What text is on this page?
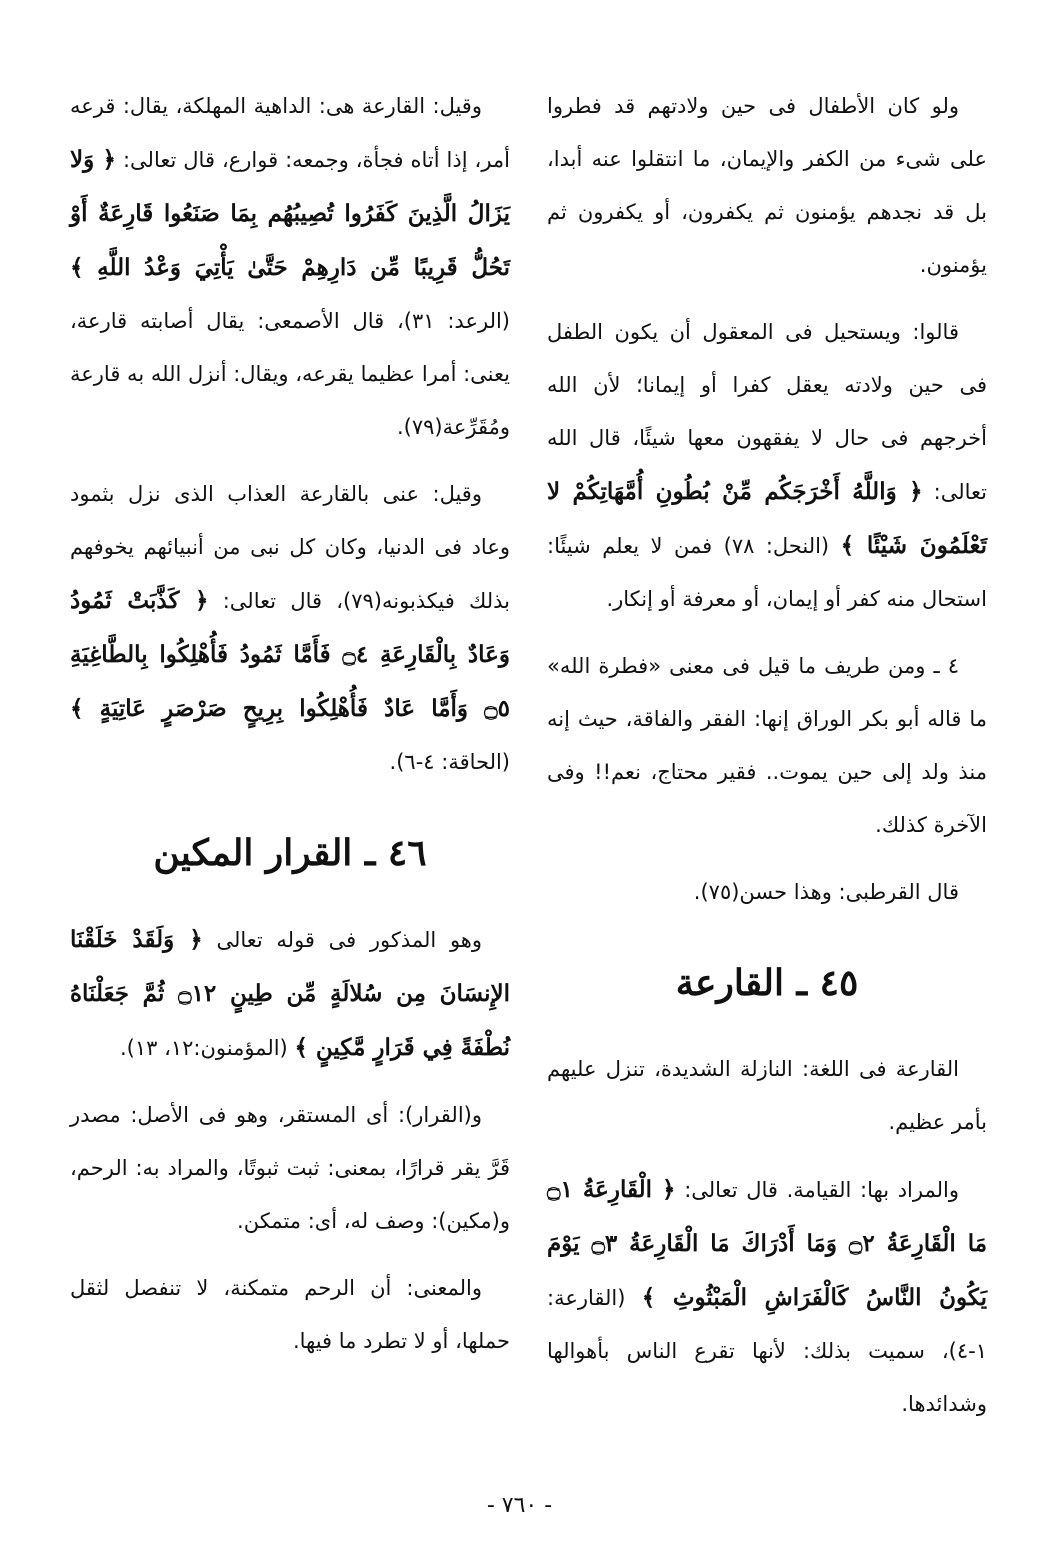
ولو كان الأطفال فى حين ولادتهم قد فطروا على شىء من الكفر والإيمان، ما انتقلوا عنه أبدا، بل قد نجدهم يؤمنون ثم يكفرون، أو يكفرون ثم يؤمنون.

قالوا: ويستحيل فى المعقول أن يكون الطفل فى حين ولادته يعقل كفرا أو إيمانا؛ لأن الله أخرجهم فى حال لا يفقهون معها شيئًا، قال الله تعالى: ﴿ وَاللَّهُ أَخْرَجَكُم مِّنْ بُطُونِ أُمَّهَاتِكُمْ لا تَعْلَمُونَ شَيْئًا ﴾ (النحل: ٧٨) فمن لا يعلم شيئًا: استحال منه كفر أو إيمان، أو معرفة أو إنكار.

٤ ـ ومن طريف ما قيل فى معنى «فطرة الله» ما قاله أبو بكر الوراق إنها: الفقر والفاقة، حيث إنه منذ ولد إلى حين يموت.. فقير محتاج، نعم!! وفى الآخرة كذلك.

قال القرطبى: وهذا حسن(٧٥).

٤٥ ـ القارعة

القارعة فى اللغة: النازلة الشديدة، تنزل عليهم بأمر عظيم.

والمراد بها: القيامة. قال تعالى: ﴿ الْقَارِعَةُ ۝١ مَا الْقَارِعَةُ ۝٢ وَمَا أَدْرَاكَ مَا الْقَارِعَةُ ۝٣ يَوْمَ يَكُونُ النَّاسُ كَالْفَرَاشِ الْمَبْثُوثِ ﴾ (القارعة: ١-٤)، سميت بذلك: لأنها تقرع الناس بأهوالها وشدائدها.

وقيل: القارعة هى: الداهية المهلكة، يقال: قرعه أمر، إذا أتاه فجأة، وجمعه: قوارع، قال تعالى: ﴿ وَلا يَزَالُ الَّذِينَ كَفَرُوا تُصِيبُهُم بِمَا صَنَعُوا قَارِعَةٌ أَوْ تَحُلُّ قَرِيبًا مِّن دَارِهِمْ حَتَّىٰ يَأْتِيَ وَعْدُ اللَّهِ ﴾ (الرعد: ٣١)، قال الأصمعى: يقال أصابته قارعة، يعنى: أمرا عظيما يقرعه، ويقال: أنزل الله به قارعة ومُقَرِّعة(٧٩).

وقيل: عنى بالقارعة العذاب الذى نزل بثمود وعاد فى الدنيا، وكان كل نبى من أنبيائهم يخوفهم بذلك فيكذبونه(٧٩)، قال تعالى: ﴿ كَذَّبَتْ ثَمُودُ وَعَادٌ بِالْقَارِعَةِ ۝٤ فَأَمَّا ثَمُودُ فَأُهْلِكُوا بِالطَّاغِيَةِ ۝٥ وَأَمَّا عَادٌ فَأُهْلِكُوا بِرِيحٍ صَرْصَرٍ عَاتِيَةٍ ﴾ (الحاقة: ٤-٦).

٤٦ ـ القرار المكين

وهو المذكور فى قوله تعالى ﴿ وَلَقَدْ خَلَقْنَا الإِنسَانَ مِن سُلالَةٍ مِّن طِينٍ ۝١٢ ثُمَّ جَعَلْنَاهُ نُطْفَةً فِي قَرَارٍ مَّكِينٍ ﴾ (المؤمنون:١٢، ١٣).

و(القرار): أى المستقر، وهو فى الأصل: مصدر قَرَّ يقر قرارًا، بمعنى: ثبت ثبوتًا، والمراد به: الرحم، و(مكين): وصف له، أى: متمكن.

والمعنى: أن الرحم متمكنة، لا تنفصل لثقل حملها، أو لا تطرد ما فيها.

- ٧٦٠ -
